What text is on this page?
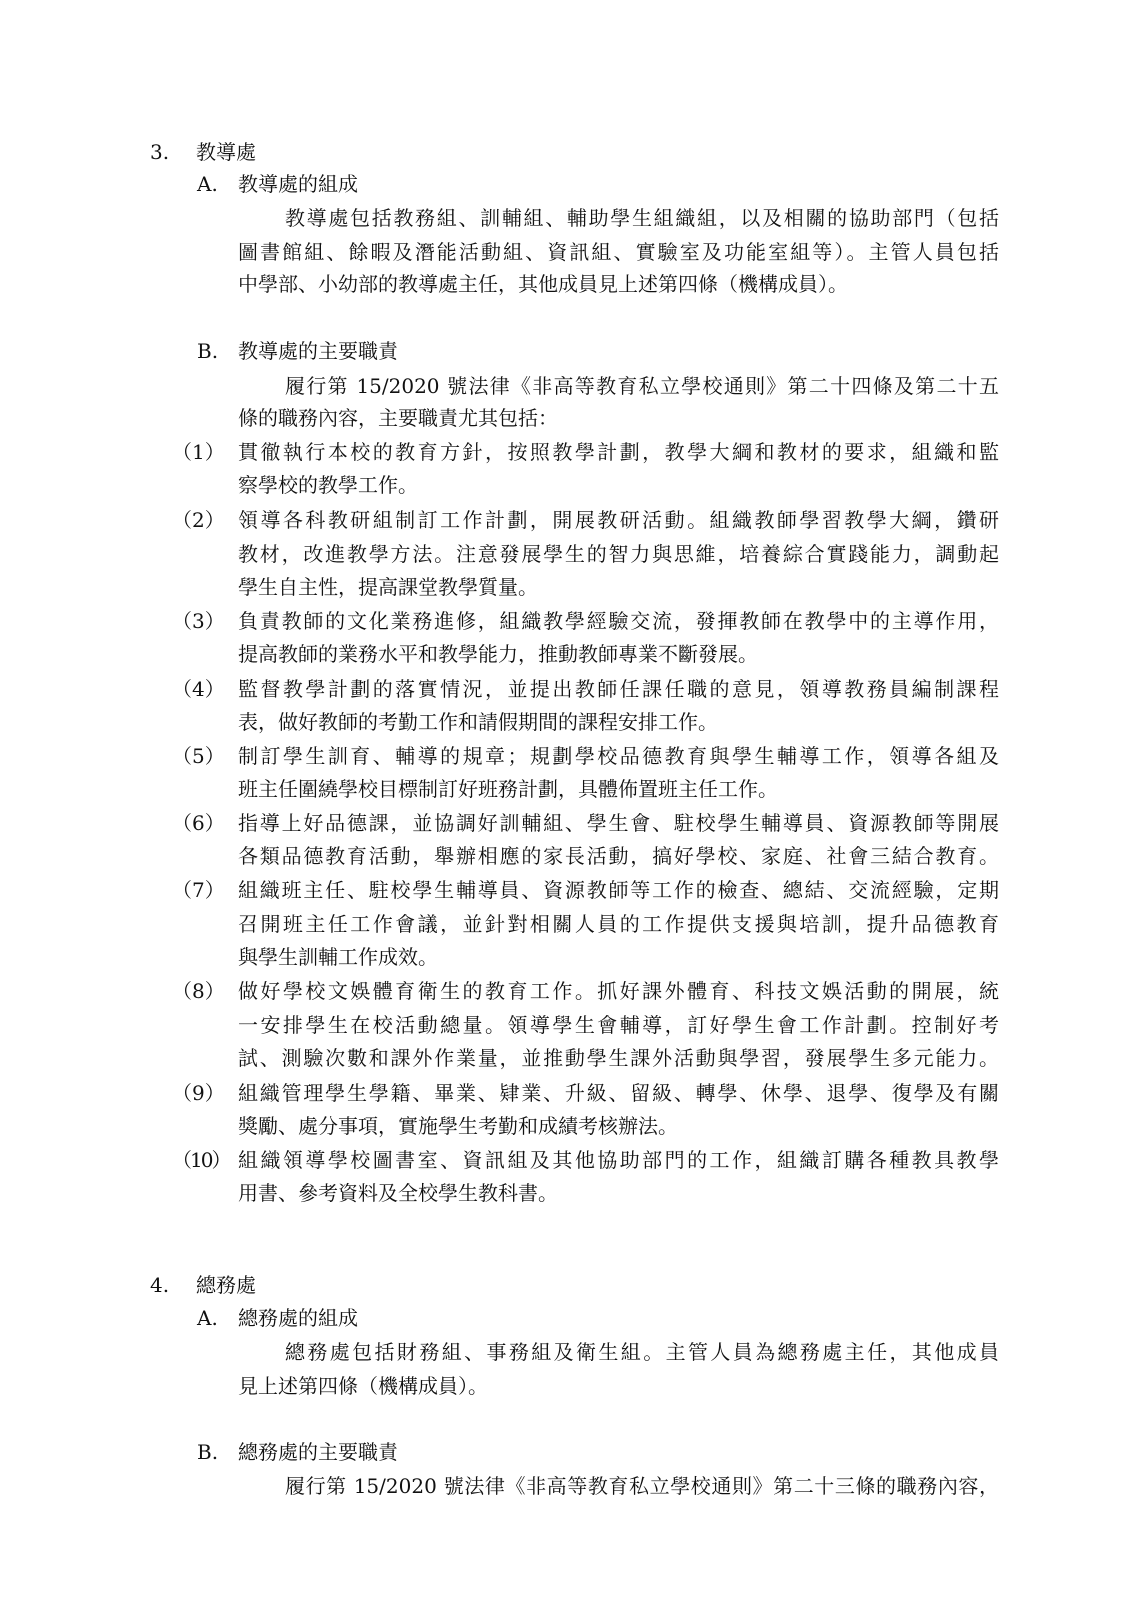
3. 教導處
A. 教導處的組成
教導處包括教務組、訓輔組、輔助學生組織組，以及相關的協助部門（包括
圖書館組、餘暇及潛能活動組、資訊組、實驗室及功能室組等）。主管人員包括
中學部、小幼部的教導處主任，其他成員見上述第四條（機構成員）。
B. 教導處的主要職責
履行第 15/2020 號法律《非高等教育私立學校通則》第二十四條及第二十五
條的職務內容，主要職責尤其包括：
（1） 貫徹執行本校的教育方針，按照教學計劃，教學大綱和教材的要求，組織和監
察學校的教學工作。
（2） 領導各科教研組制訂工作計劃，開展教研活動。組織教師學習教學大綱，鑽研
教材，改進教學方法。注意發展學生的智力與思維，培養綜合實踐能力，調動起
學生自主性，提高課堂教學質量。
（3） 負責教師的文化業務進修，組織教學經驗交流，發揮教師在教學中的主導作用，
提高教師的業務水平和教學能力，推動教師專業不斷發展。
（4） 監督教學計劃的落實情況，並提出教師任課任職的意見，領導教務員編制課程
表，做好教師的考勤工作和請假期間的課程安排工作。
（5） 制訂學生訓育、輔導的規章；規劃學校品德教育與學生輔導工作，領導各組及
班主任圍繞學校目標制訂好班務計劃，具體佈置班主任工作。
（6） 指導上好品德課，並協調好訓輔組、學生會、駐校學生輔導員、資源教師等開展
各類品德教育活動，舉辦相應的家長活動，搞好學校、家庭、社會三結合教育。
（7） 組織班主任、駐校學生輔導員、資源教師等工作的檢查、總結、交流經驗，定期
召開班主任工作會議，並針對相關人員的工作提供支援與培訓，提升品德教育
與學生訓輔工作成效。
（8） 做好學校文娛體育衛生的教育工作。抓好課外體育、科技文娛活動的開展，統
一安排學生在校活動總量。領導學生會輔導，訂好學生會工作計劃。控制好考
試、測驗次數和課外作業量，並推動學生課外活動與學習，發展學生多元能力。
（9） 組織管理學生學籍、畢業、肄業、升級、留級、轉學、休學、退學、復學及有關
獎勵、處分事項，實施學生考勤和成績考核辦法。
（10） 組織領導學校圖書室、資訊組及其他協助部門的工作，組織訂購各種教具教學
用書、參考資料及全校學生教科書。
4. 總務處
A. 總務處的組成
總務處包括財務組、事務組及衛生組。主管人員為總務處主任，其他成員
見上述第四條（機構成員）。
B. 總務處的主要職責
履行第 15/2020 號法律《非高等教育私立學校通則》第二十三條的職務內容，
